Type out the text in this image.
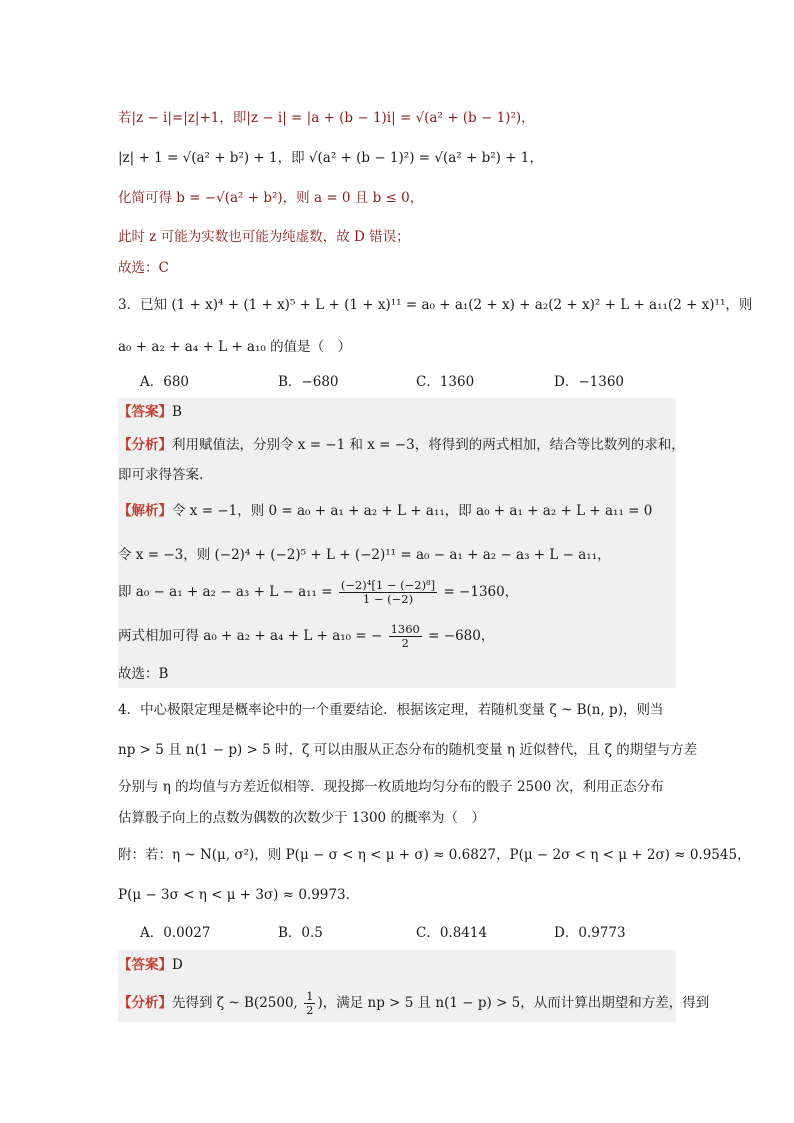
若|z − i|=|z|+1，即|z − i| = |a + (b − 1)i| = √(a² + (b − 1)²)，
|z| + 1 = √(a² + b²) + 1，即 √(a² + (b − 1)²) = √(a² + b²) + 1，
化简可得 b = −√(a² + b²)，则 a = 0 且 b ≤ 0，
此时 z 可能为实数也可能为纯虚数，故 D 错误；
故选：C
3．已知 (1 + x)⁴ + (1 + x)⁵ + L + (1 + x)¹¹ = a₀ + a₁(2 + x) + a₂(2 + x)² + L + a₁₁(2 + x)¹¹，则
a₀ + a₂ + a₄ + L + a₁₀ 的值是（　）
A．680	B．−680	C．1360	D．−1360
【答案】B
【分析】利用赋值法，分别令 x = −1 和 x = −3，将得到的两式相加，结合等比数列的求和，
即可求得答案.
【解析】令 x = −1，则 0 = a₀ + a₁ + a₂ + L + a₁₁，即 a₀ + a₁ + a₂ + L + a₁₁ = 0
令 x = −3，则 (−2)⁴ + (−2)⁵ + L + (−2)¹¹ = a₀ − a₁ + a₂ − a₃ + L − a₁₁，
即 $a_0 - a_1 + a_2 - a_3 + L - a_{11} = \frac{\text{(−2)⁴[1 − (−2)⁸]}}{1 - (-2)} = -1360$，
两式相加可得 a₀ + a₂ + a₄ + L + a₁₀ = − $\frac{1360}{2} = -680$，
故选：B
4．中心极限定理是概率论中的一个重要结论．根据该定理，若随机变量 ζ ~ B(n, p)，则当
np > 5 且 n(1 − p) > 5 时，ζ 可以由服从正态分布的随机变量 η 近似替代，且 ζ 的期望与方差
分别与 η 的均值与方差近似相等．现投掷一枚质地均匀分布的骰子 2500 次，利用正态分布
估算骰子向上的点数为偶数的次数少于 1300 的概率为（　）
附：若：η ~ N(μ, σ²)，则 P(μ − σ < η < μ + σ) ≈ 0.6827，P(μ − 2σ < η < μ + 2σ) ≈ 0.9545，
P(μ − 3σ < η < μ + 3σ) ≈ 0.9973．
A．0.0027	B．0.5	C．0.8414	D．0.9773
【答案】D
【分析】先得到 ζ ~ B(2500, $\frac{1}{2}$ )，满足 np > 5 且 n(1 − p) > 5，从而计算出期望和方差，得到
